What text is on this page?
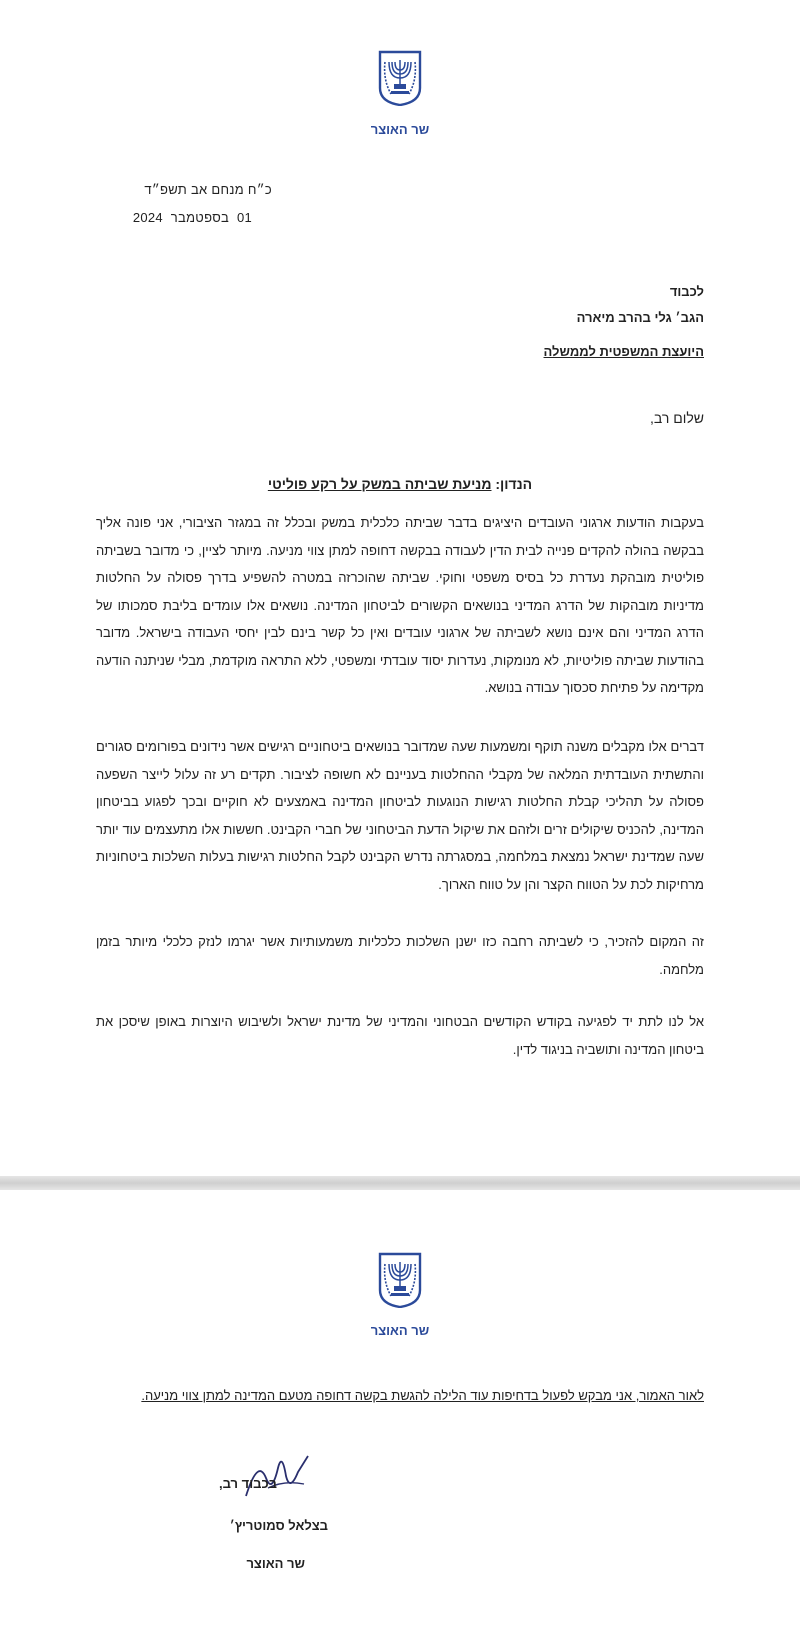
שר האוצר
כ״ח מנחם אב תשפ״ד
01  בספטמבר  2024
לכבוד
הגב׳ גלי בהרב מיארה
היועצת המשפטית לממשלה
שלום רב,
הנדון: מניעת שביתה במשק על רקע פוליטי
בעקבות הודעות ארגוני העובדים היציגים בדבר שביתה כלכלית במשק ובכלל זה במגזר הציבורי, אני פונה אליך בבקשה בהולה להקדים פנייה לבית הדין לעבודה בבקשה דחופה למתן צווי מניעה. מיותר לציין, כי מדובר בשביתה פוליטית מובהקת נעדרת כל בסיס משפטי וחוקי. שביתה שהוכרזה במטרה להשפיע בדרך פסולה על החלטות מדיניות מובהקות של הדרג המדיני בנושאים הקשורים לביטחון המדינה. נושאים אלו עומדים בליבת סמכותו של הדרג המדיני והם אינם נושא לשביתה של ארגוני עובדים ואין כל קשר בינם לבין יחסי העבודה בישראל. מדובר בהודעות שביתה פוליטיות, לא מנומקות, נעדרות יסוד עובדתי ומשפטי, ללא התראה מוקדמת, מבלי שניתנה הודעה מקדימה על פתיחת סכסוך עבודה בנושא.
דברים אלו מקבלים משנה תוקף ומשמעות שעה שמדובר בנושאים ביטחוניים רגישים אשר נידונים בפורומים סגורים והתשתית העובדתית המלאה של מקבלי ההחלטות בעניינם לא חשופה לציבור. תקדים רע זה עלול לייצר השפעה פסולה על תהליכי קבלת החלטות רגישות הנוגעות לביטחון המדינה באמצעים לא חוקיים ובכך לפגוע בביטחון המדינה, להכניס שיקולים זרים ולזהם את שיקול הדעת הביטחוני של חברי הקבינט. חששות אלו מתעצמים עוד יותר שעה שמדינת ישראל נמצאת במלחמה, במסגרתה נדרש הקבינט לקבל החלטות רגישות בעלות השלכות ביטחוניות מרחיקות לכת על הטווח הקצר והן על טווח הארוך.
זה המקום להזכיר, כי לשביתה רחבה כזו ישנן השלכות כלכליות משמעותיות אשר יגרמו לנזק כלכלי מיותר בזמן מלחמה.
אל לנו לתת יד לפגיעה בקודש הקודשים הבטחוני והמדיני של מדינת ישראל ולשיבוש היוצרות באופן שיסכן את ביטחון המדינה ותושביה בניגוד לדין.
שר האוצר
לאור האמור, אני מבקש לפעול בדחיפות עוד הלילה להגשת בקשה דחופה מטעם המדינה למתן צווי מניעה.
בכבוד רב,
בצלאל סמוטריץ׳
שר האוצר
